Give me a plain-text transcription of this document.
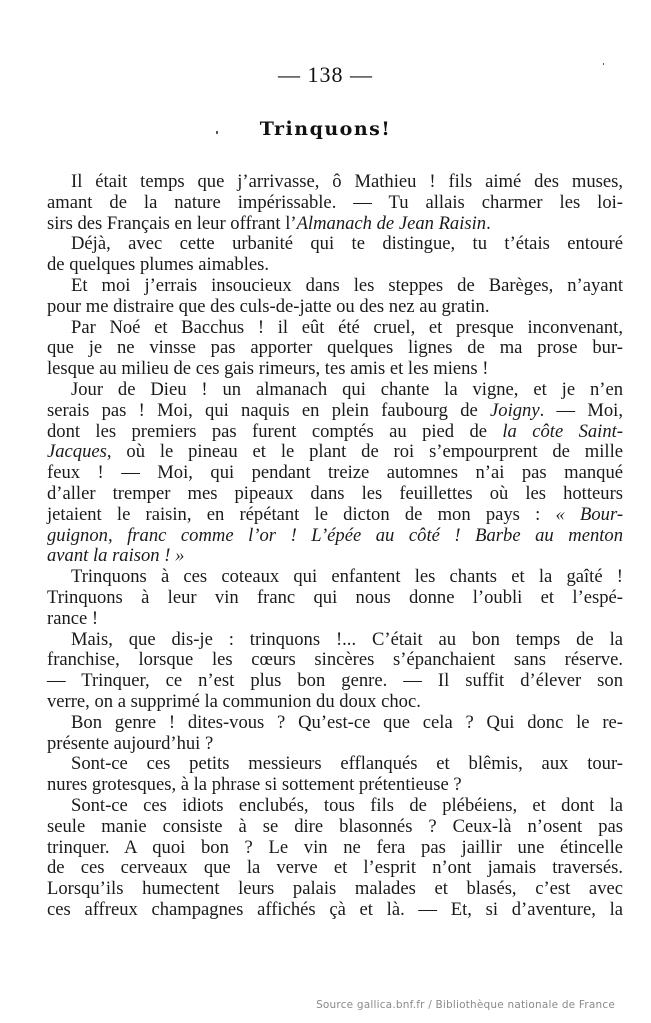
— 138 —
Trinquons!
Il était temps que j’arrivasse, ô Mathieu ! fils aimé des muses,
amant de la nature impérissable. — Tu allais charmer les loi-
sirs des Français en leur offrant l’Almanach de Jean Raisin.
Déjà, avec cette urbanité qui te distingue, tu t’étais entouré
de quelques plumes aimables.
Et moi j’errais insoucieux dans les steppes de Barèges, n’ayant
pour me distraire que des culs-de-jatte ou des nez au gratin.
Par Noé et Bacchus ! il eût été cruel, et presque inconvenant,
que je ne vinsse pas apporter quelques lignes de ma prose bur-
lesque au milieu de ces gais rimeurs, tes amis et les miens !
Jour de Dieu ! un almanach qui chante la vigne, et je n’en
serais pas ! Moi, qui naquis en plein faubourg de Joigny. — Moi,
dont les premiers pas furent comptés au pied de la côte Saint-
Jacques, où le pineau et le plant de roi s’empourprent de mille
feux ! — Moi, qui pendant treize automnes n’ai pas manqué
d’aller tremper mes pipeaux dans les feuillettes où les hotteurs
jetaient le raisin, en répétant le dicton de mon pays : « Bour-
guignon, franc comme l’or ! L’épée au côté ! Barbe au menton
avant la raison ! »
Trinquons à ces coteaux qui enfantent les chants et la gaîté !
Trinquons à leur vin franc qui nous donne l’oubli et l’espé-
rance !
Mais, que dis-je : trinquons !... C’était au bon temps de la
franchise, lorsque les cœurs sincères s’épanchaient sans réserve.
— Trinquer, ce n’est plus bon genre. — Il suffit d’élever son
verre, on a supprimé la communion du doux choc.
Bon genre ! dites-vous ? Qu’est-ce que cela ? Qui donc le re-
présente aujourd’hui ?
Sont-ce ces petits messieurs efflanqués et blêmis, aux tour-
nures grotesques, à la phrase si sottement prétentieuse ?
Sont-ce ces idiots enclubés, tous fils de plébéiens, et dont la
seule manie consiste à se dire blasonnés ? Ceux-là n’osent pas
trinquer. A quoi bon ? Le vin ne fera pas jaillir une étincelle
de ces cerveaux que la verve et l’esprit n’ont jamais traversés.
Lorsqu’ils humectent leurs palais malades et blasés, c’est avec
ces affreux champagnes affichés çà et là. — Et, si d’aventure, la
Source gallica.bnf.fr / Bibliothèque nationale de France
